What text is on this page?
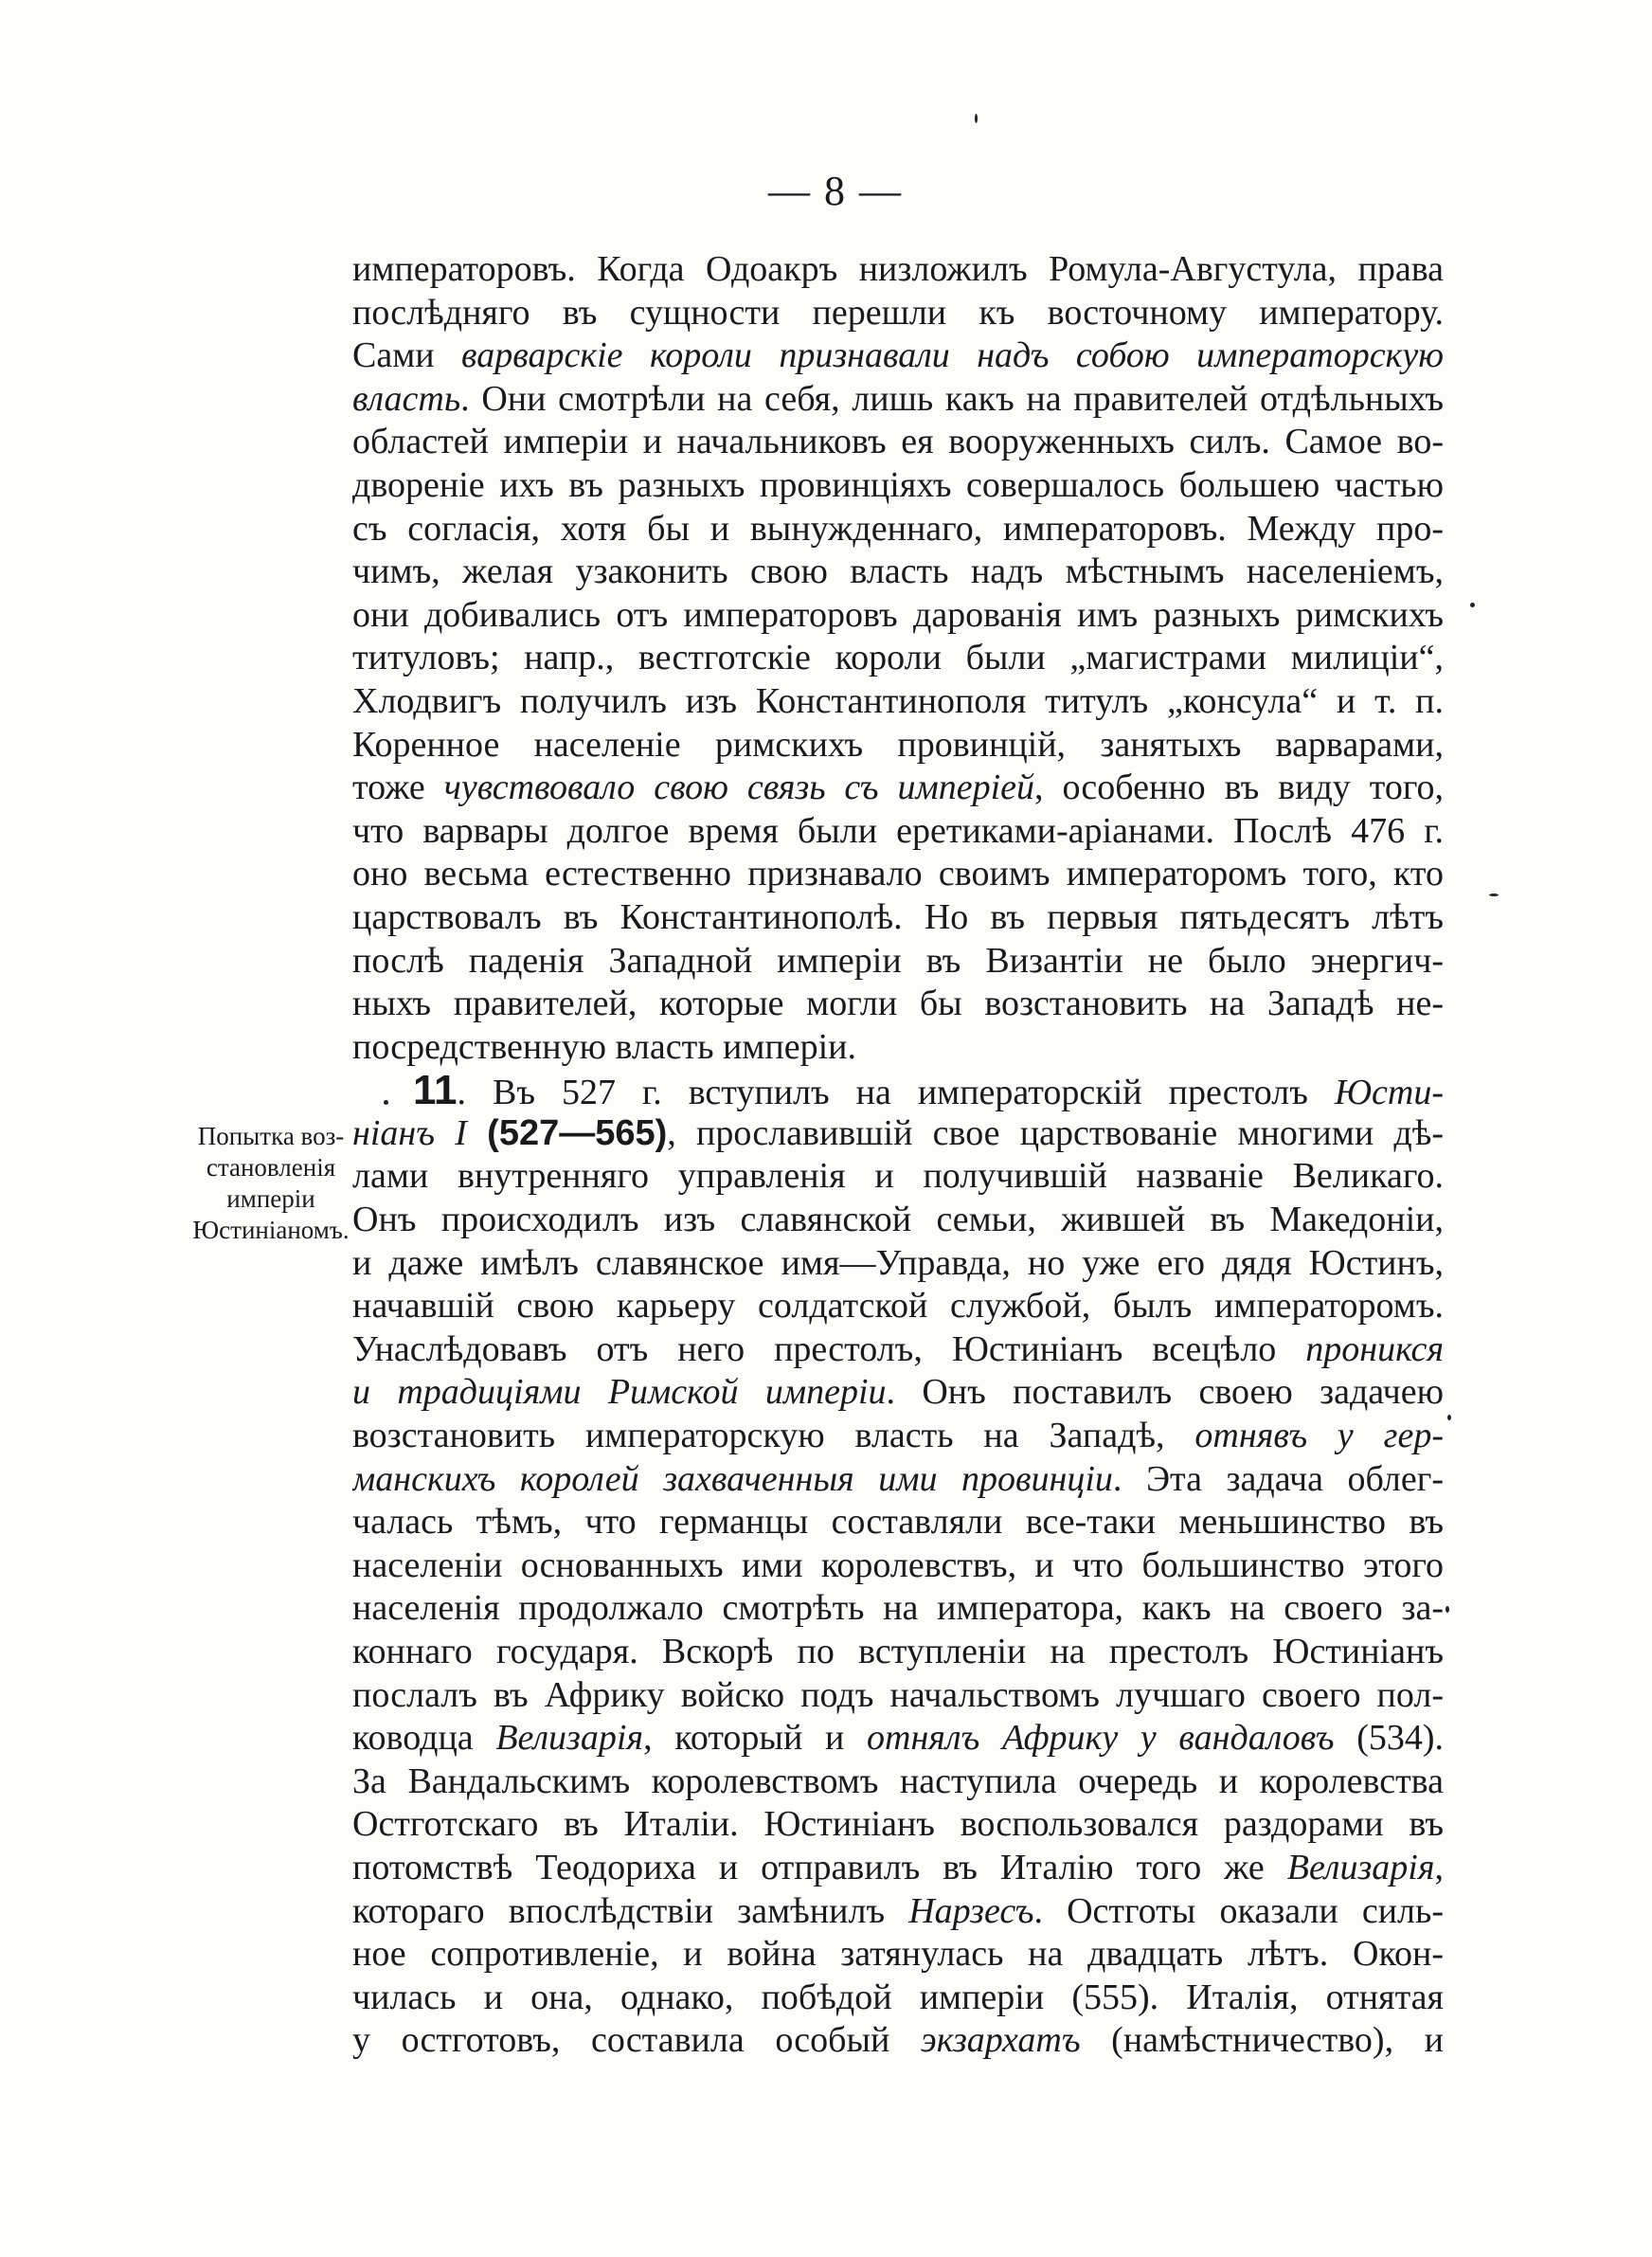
— 8 —
Попытка воз-
становленія
имперіи
Юстиніаномъ.
императоровъ. Когда Одоакръ низложилъ Ромула-Августула, права
послѣдняго въ сущности перешли къ восточному императору.
Сами варварскіе короли признавали надъ собою императорскую
власть. Они смотрѣли на себя, лишь какъ на правителей отдѣльныхъ
областей имперіи и начальниковъ ея вооруженныхъ силъ. Самое во-
двореніе ихъ въ разныхъ провинціяхъ совершалось большею частью
съ согласія, хотя бы и вынужденнаго, императоровъ. Между про-
чимъ, желая узаконить свою власть надъ мѣстнымъ населеніемъ,
они добивались отъ императоровъ дарованія имъ разныхъ римскихъ
титуловъ; напр., вестготскіе короли были „магистрами милиціи“,
Хлодвигъ получилъ изъ Константинополя титулъ „консула“ и т. п.
Коренное населеніе римскихъ провинцій, занятыхъ варварами,
тоже чувствовало свою связь съ имперіей, особенно въ виду того,
что варвары долгое время были еретиками-аріанами. Послѣ 476 г.
оно весьма естественно признавало своимъ императоромъ того, кто
царствовалъ въ Константинополѣ. Но въ первыя пятьдесятъ лѣтъ
послѣ паденія Западной имперіи въ Византіи не было энергич-
ныхъ правителей, которые могли бы возстановить на Западѣ не-
посредственную власть имперіи.
11. Въ 527 г. вступилъ на императорскій престолъ Юсти-
ніанъ I (527—565), прославившій свое царствованіе многими дѣ-
лами внутренняго управленія и получившій названіе Великаго.
Онъ происходилъ изъ славянской семьи, жившей въ Македоніи,
и даже имѣлъ славянское имя—Управда, но уже его дядя Юстинъ,
начавшій свою карьеру солдатской службой, былъ императоромъ.
Унаслѣдовавъ отъ него престолъ, Юстиніанъ всецѣло проникся
и традиціями Римской имперіи. Онъ поставилъ своею задачею
возстановить императорскую власть на Западѣ, отнявъ у гер-
манскихъ королей захваченныя ими провинціи. Эта задача облег-
чалась тѣмъ, что германцы составляли все-таки меньшинство въ
населеніи основанныхъ ими королевствъ, и что большинство этого
населенія продолжало смотрѣть на императора, какъ на своего за-
коннаго государя. Вскорѣ по вступленіи на престолъ Юстиніанъ
послалъ въ Африку войско подъ начальствомъ лучшаго своего пол-
ководца Велизарія, который и отнялъ Африку у вандаловъ (534).
За Вандальскимъ королевствомъ наступила очередь и королевства
Остготскаго въ Италіи. Юстиніанъ воспользовался раздорами въ
потомствѣ Теодориха и отправилъ въ Италію того же Велизарія,
котораго впослѣдствіи замѣнилъ Нарзесъ. Остготы оказали силь-
ное сопротивленіе, и война затянулась на двадцать лѣтъ. Окон-
чилась и она, однако, побѣдой имперіи (555). Италія, отнятая
у остготовъ, составила особый экзархатъ (намѣстничество), и
